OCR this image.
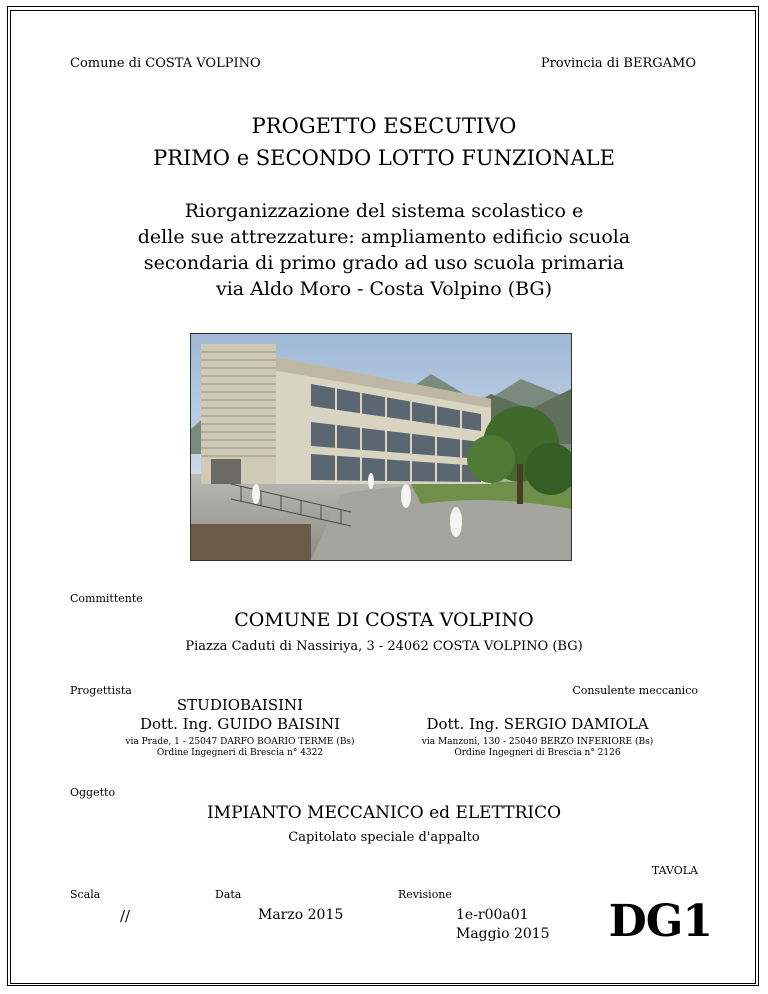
Comune di COSTA VOLPINO	Provincia di BERGAMO
PROGETTO ESECUTIVO
PRIMO e SECONDO LOTTO FUNZIONALE
Riorganizzazione del sistema scolastico e
delle sue attrezzature: ampliamento edificio scuola
secondaria di primo grado ad uso scuola primaria
via Aldo Moro - Costa Volpino (BG)
Committente
COMUNE DI COSTA VOLPINO
Piazza Caduti di Nassiriya, 3 - 24062 COSTA VOLPINO (BG)
Progettista	Consulente meccanico
STUDIOBAISINI
Dott. Ing. GUIDO BAISINI
via Prade, 1 - 25047 DARFO BOARIO TERME (Bs)
Ordine Ingegneri di Brescia n° 4322
Dott. Ing. SERGIO DAMIOLA
via Manzoni, 130 - 25040 BERZO INFERIORE (Bs)
Ordine Ingegneri di Brescia n° 2126
Oggetto
IMPIANTO MECCANICO ed ELETTRICO
Capitolato speciale d'appalto
TAVOLA
Scala
//
Data
Marzo 2015
Revisione
1e-r00a01
Maggio 2015 DG1
